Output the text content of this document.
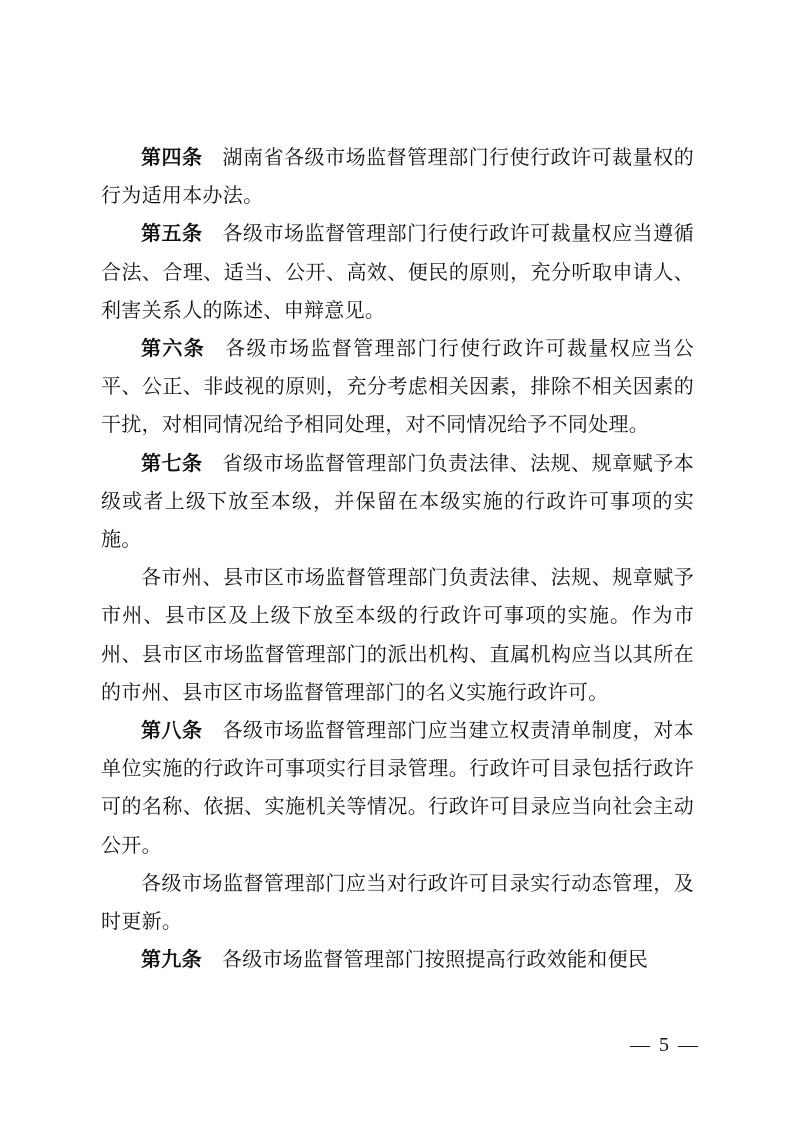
第四条 湖南省各级市场监督管理部门行使行政许可裁量权的行为适用本办法。

第五条 各级市场监督管理部门行使行政许可裁量权应当遵循合法、合理、适当、公开、高效、便民的原则，充分听取申请人、利害关系人的陈述、申辩意见。

第六条 各级市场监督管理部门行使行政许可裁量权应当公平、公正、非歧视的原则，充分考虑相关因素，排除不相关因素的干扰，对相同情况给予相同处理，对不同情况给予不同处理。

第七条 省级市场监督管理部门负责法律、法规、规章赋予本级或者上级下放至本级，并保留在本级实施的行政许可事项的实施。

各市州、县市区市场监督管理部门负责法律、法规、规章赋予市州、县市区及上级下放至本级的行政许可事项的实施。作为市州、县市区市场监督管理部门的派出机构、直属机构应当以其所在的市州、县市区市场监督管理部门的名义实施行政许可。

第八条 各级市场监督管理部门应当建立权责清单制度，对本单位实施的行政许可事项实行目录管理。行政许可目录包括行政许可的名称、依据、实施机关等情况。行政许可目录应当向社会主动公开。

各级市场监督管理部门应当对行政许可目录实行动态管理，及时更新。

第九条 各级市场监督管理部门按照提高行政效能和便民

— 5 —
